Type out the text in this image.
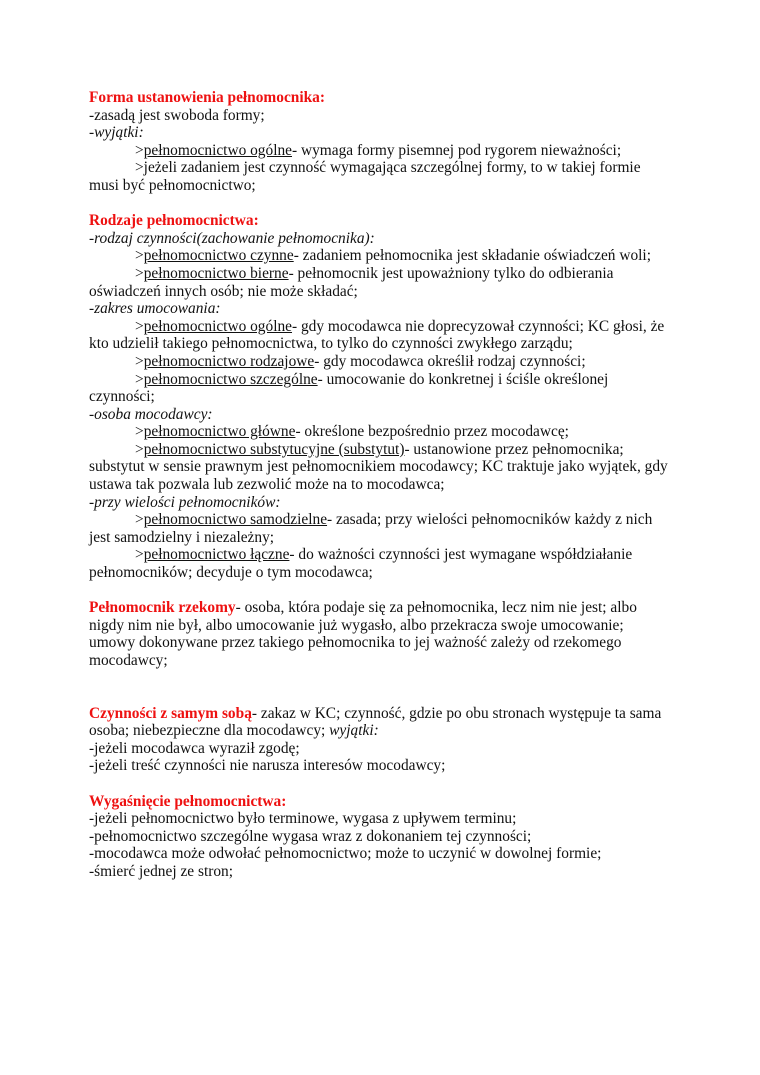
Forma ustanowienia pełnomocnika:

-zasadą jest swoboda formy;

-wyjątki:

>pełnomocnictwo ogólne- wymaga formy pisemnej pod rygorem nieważności;

>jeżeli zadaniem jest czynność wymagająca szczególnej formy, to w takiej formie

musi być pełnomocnictwo;

Rodzaje pełnomocnictwa:

-rodzaj czynności(zachowanie pełnomocnika):

>pełnomocnictwo czynne- zadaniem pełnomocnika jest składanie oświadczeń woli;

>pełnomocnictwo bierne- pełnomocnik jest upoważniony tylko do odbierania

oświadczeń innych osób; nie może składać;

-zakres umocowania:

>pełnomocnictwo ogólne- gdy mocodawca nie doprecyzował czynności; KC głosi, że

kto udzielił takiego pełnomocnictwa, to tylko do czynności zwykłego zarządu;

>pełnomocnictwo rodzajowe- gdy mocodawca określił rodzaj czynności;

>pełnomocnictwo szczególne- umocowanie do konkretnej i ściśle określonej

czynności;

-osoba mocodawcy:

>pełnomocnictwo główne- określone bezpośrednio przez mocodawcę;

>pełnomocnictwo substytucyjne (substytut)- ustanowione przez pełnomocnika;

substytut w sensie prawnym jest pełnomocnikiem mocodawcy; KC traktuje jako wyjątek, gdy

ustawa tak pozwala lub zezwolić może na to mocodawca;

-przy wielości pełnomocników:

>pełnomocnictwo samodzielne- zasada; przy wielości pełnomocników każdy z nich

jest samodzielny i niezależny;

>pełnomocnictwo łączne- do ważności czynności jest wymagane współdziałanie

pełnomocników; decyduje o tym mocodawca;

Pełnomocnik rzekomy- osoba, która podaje się za pełnomocnika, lecz nim nie jest; albo

nigdy nim nie był, albo umocowanie już wygasło, albo przekracza swoje umocowanie;

umowy dokonywane przez takiego pełnomocnika to jej ważność zależy od rzekomego

mocodawcy;

Czynności z samym sobą- zakaz w KC; czynność, gdzie po obu stronach występuje ta sama

osoba; niebezpieczne dla mocodawcy; wyjątki:

-jeżeli mocodawca wyraził zgodę;

-jeżeli treść czynności nie narusza interesów mocodawcy;

Wygaśnięcie pełnomocnictwa:

-jeżeli pełnomocnictwo było terminowe, wygasa z upływem terminu;

-pełnomocnictwo szczególne wygasa wraz z dokonaniem tej czynności;

-mocodawca może odwołać pełnomocnictwo; może to uczynić w dowolnej formie;

-śmierć jednej ze stron;
